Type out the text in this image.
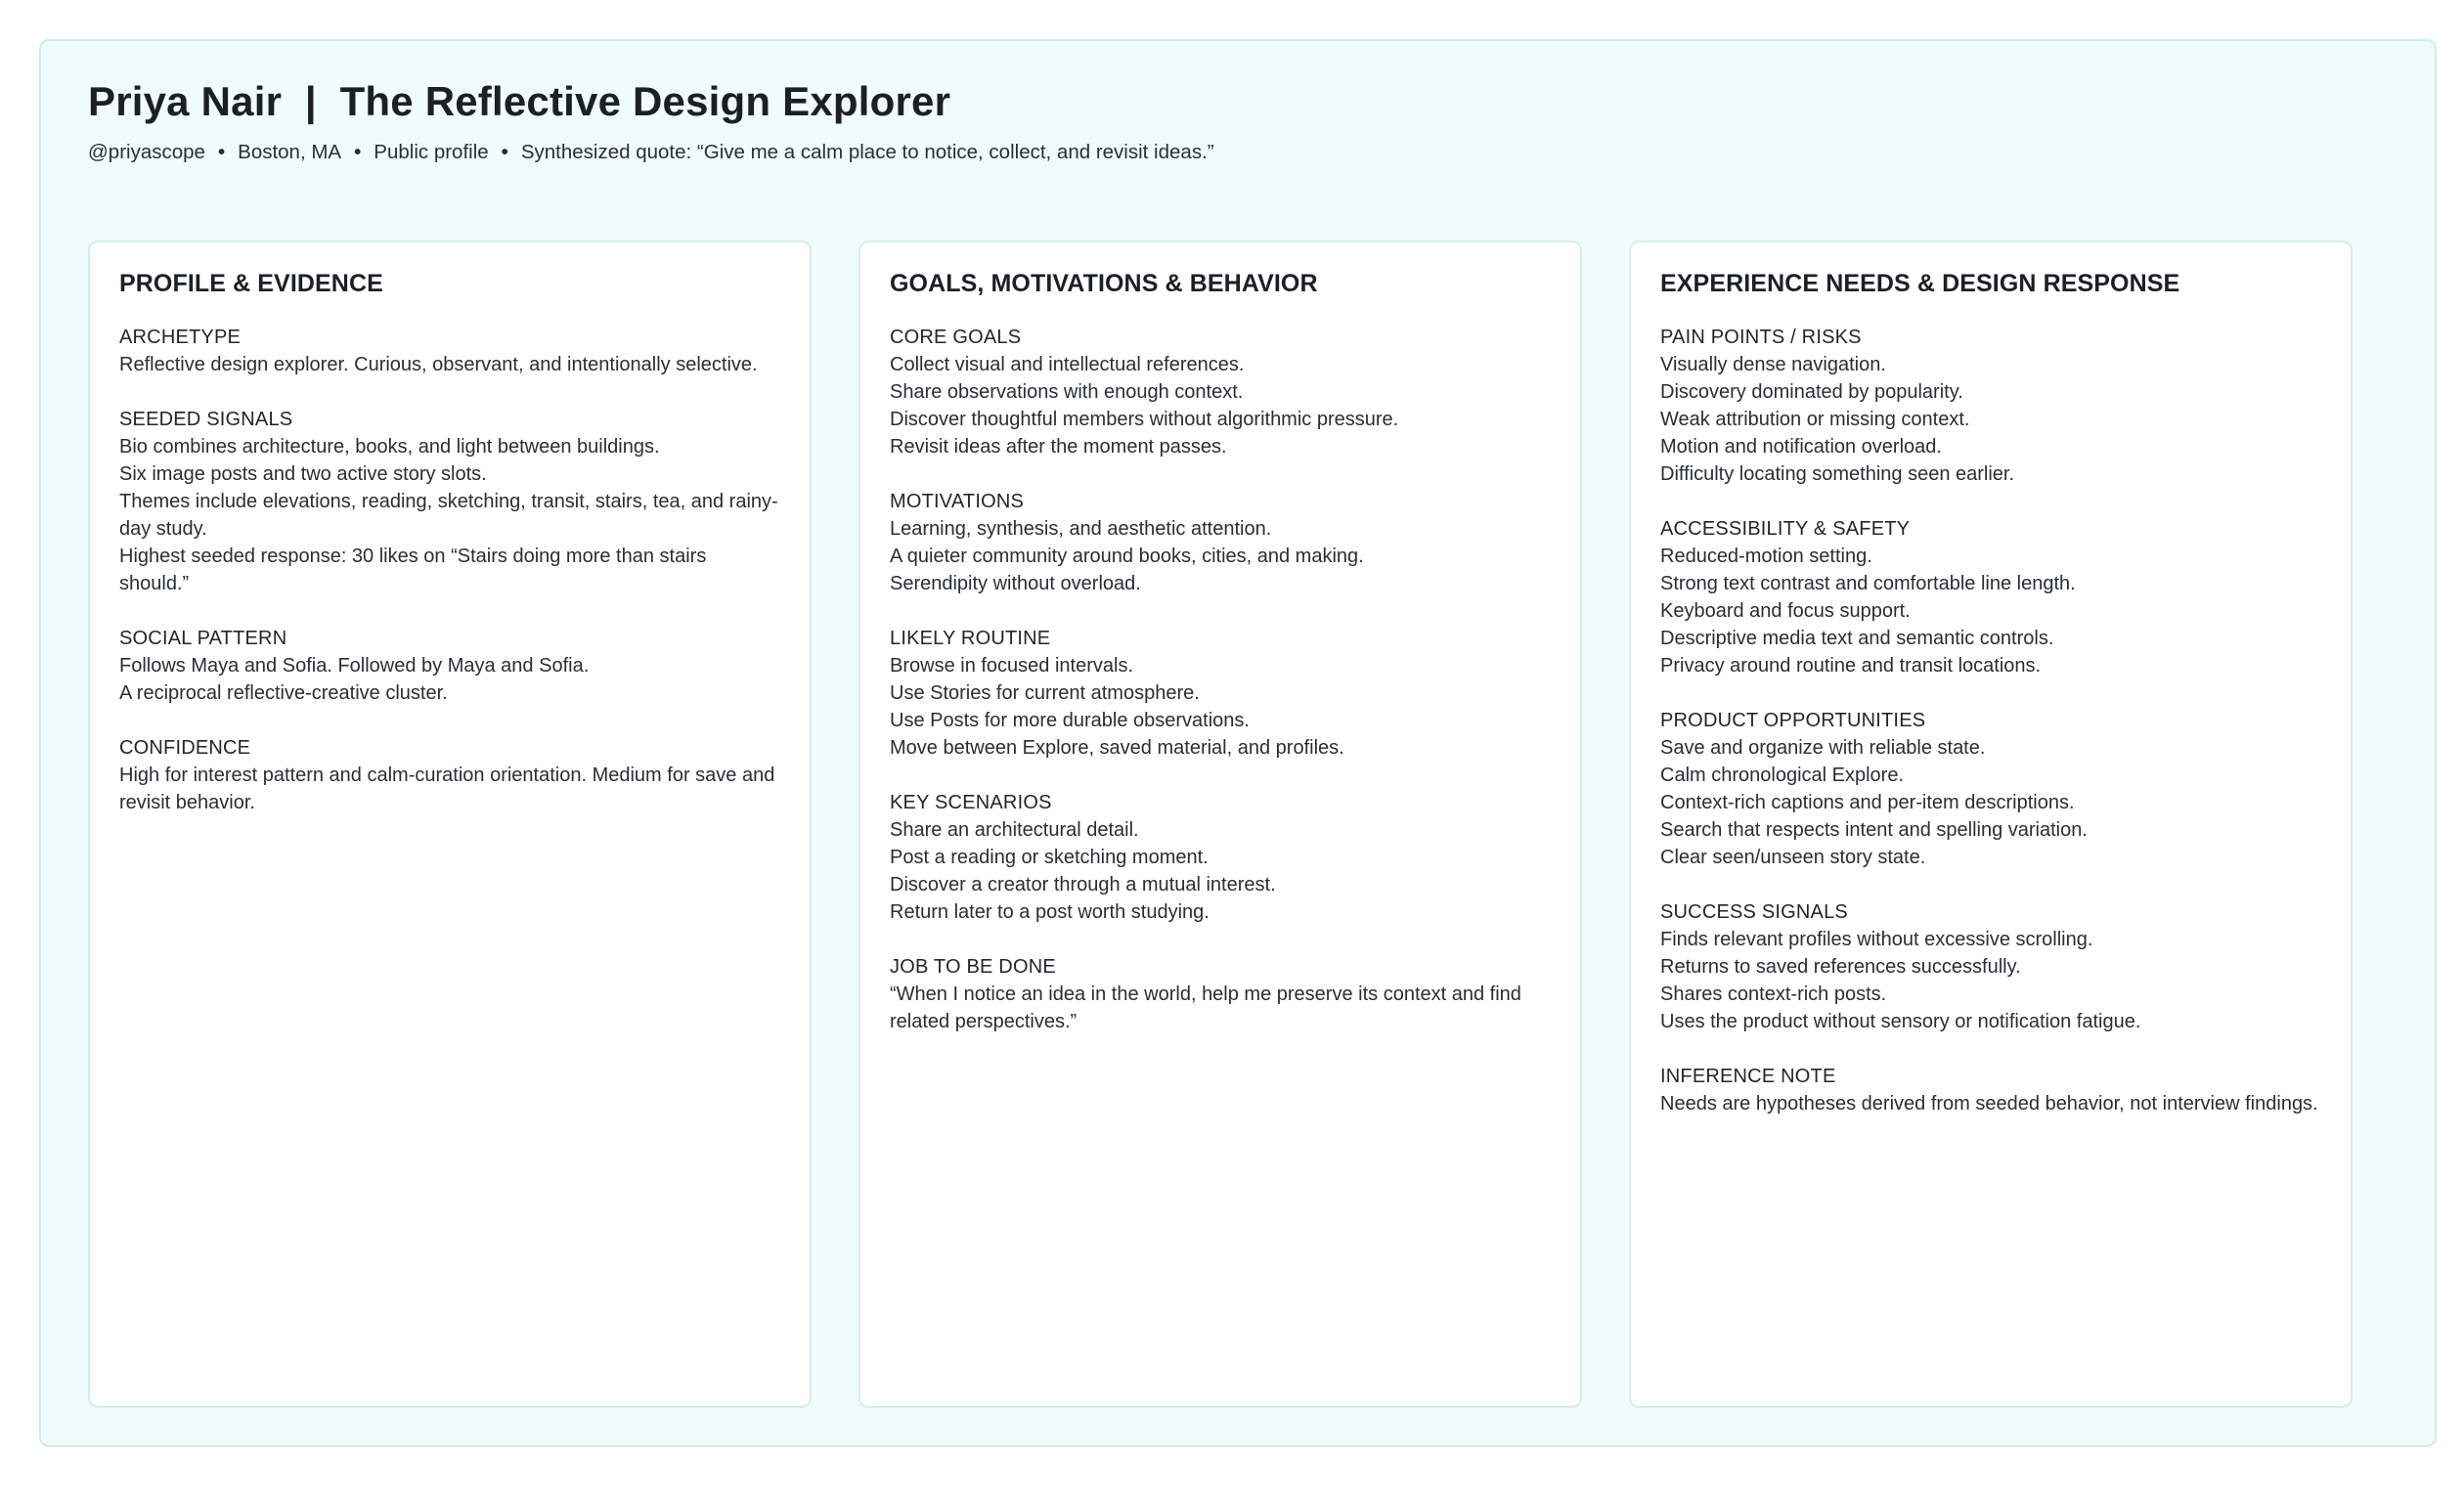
Priya Nair | The Reflective Design Explorer
@priyascope • Boston, MA • Public profile • Synthesized quote: “Give me a calm place to notice, collect, and revisit ideas.”
PROFILE & EVIDENCE
ARCHETYPE
Reflective design explorer. Curious, observant, and intentionally selective.
SEEDED SIGNALS
Bio combines architecture, books, and light between buildings.
Six image posts and two active story slots.
Themes include elevations, reading, sketching, transit, stairs, tea, and rainy-day study.
Highest seeded response: 30 likes on “Stairs doing more than stairs should.”
SOCIAL PATTERN
Follows Maya and Sofia. Followed by Maya and Sofia.
A reciprocal reflective-creative cluster.
CONFIDENCE
High for interest pattern and calm-curation orientation. Medium for save and revisit behavior.
GOALS, MOTIVATIONS & BEHAVIOR
CORE GOALS
Collect visual and intellectual references.
Share observations with enough context.
Discover thoughtful members without algorithmic pressure.
Revisit ideas after the moment passes.
MOTIVATIONS
Learning, synthesis, and aesthetic attention.
A quieter community around books, cities, and making.
Serendipity without overload.
LIKELY ROUTINE
Browse in focused intervals.
Use Stories for current atmosphere.
Use Posts for more durable observations.
Move between Explore, saved material, and profiles.
KEY SCENARIOS
Share an architectural detail.
Post a reading or sketching moment.
Discover a creator through a mutual interest.
Return later to a post worth studying.
JOB TO BE DONE
“When I notice an idea in the world, help me preserve its context and find related perspectives.”
EXPERIENCE NEEDS & DESIGN RESPONSE
PAIN POINTS / RISKS
Visually dense navigation.
Discovery dominated by popularity.
Weak attribution or missing context.
Motion and notification overload.
Difficulty locating something seen earlier.
ACCESSIBILITY & SAFETY
Reduced-motion setting.
Strong text contrast and comfortable line length.
Keyboard and focus support.
Descriptive media text and semantic controls.
Privacy around routine and transit locations.
PRODUCT OPPORTUNITIES
Save and organize with reliable state.
Calm chronological Explore.
Context-rich captions and per-item descriptions.
Search that respects intent and spelling variation.
Clear seen/unseen story state.
SUCCESS SIGNALS
Finds relevant profiles without excessive scrolling.
Returns to saved references successfully.
Shares context-rich posts.
Uses the product without sensory or notification fatigue.
INFERENCE NOTE
Needs are hypotheses derived from seeded behavior, not interview findings.
